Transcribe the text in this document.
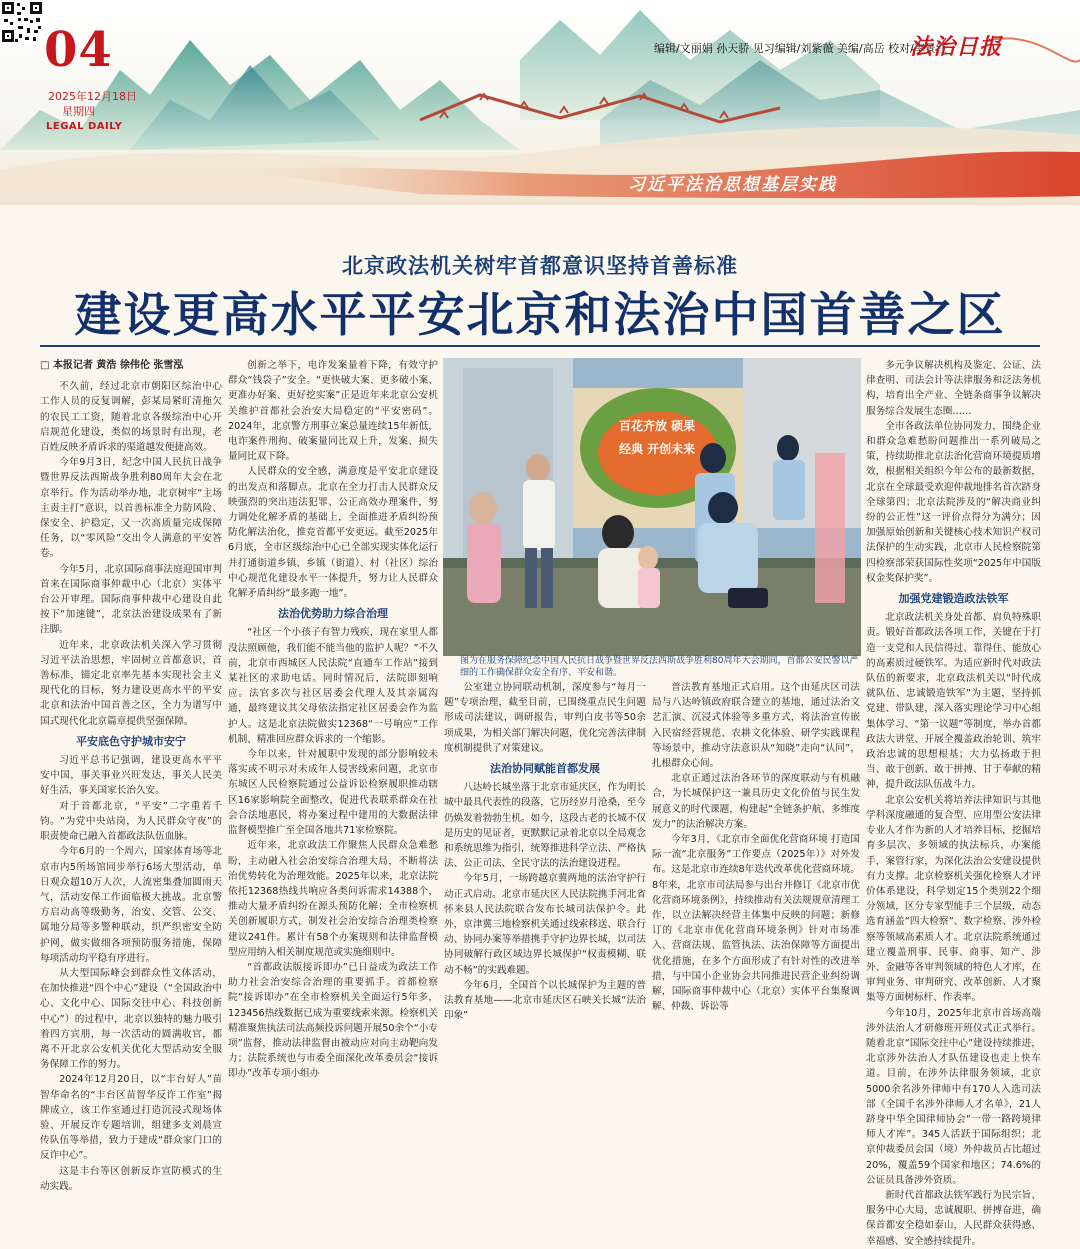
04
2025年12月18日
星期四
LEGAL DAILY
编辑/文丽娟 孙天骄 见习编辑/刘紫薇 美编/高岳 校对/李景红
法治日报
习近平法治思想基层实践
北京政法机关树牢首都意识坚持首善标准
建设更高水平平安北京和法治中国首善之区

□ 本报记者 黄浩 徐伟伦 张雪泓

不久前，经过北京市朝阳区综治中心工作人员的反复调解，彭某局紧盯清拖欠的农民工工资，随着北京各级综治中心开启规范化建设，类似的场景时有出现，老百姓反映矛盾诉求的渠道越发便捷高效。

今年9月3日，纪念中国人民抗日战争暨世界反法西斯战争胜利80周年大会在北京举行。作为活动举办地，北京树牢“主场主责主打”意识，以首善标准全力防风险、保安全、护稳定，又一次高质量完成保障任务，以“零风险”交出令人满意的平安答卷。

今年5月，北京国际商事法庭迎国审判首来在国际商事仲裁中心（北京）实体平台公开审理。国际商事仲裁中心建设自此按下“加速键”，北京法治建设成果有了新注脚。

近年来，北京政法机关深入学习贯彻习近平法治思想，牢固树立首都意识，首善标准，锚定北京率先基本实现社会主义现代化的目标，努力建设更高水平的平安北京和法治中国首善之区，全力为谱写中国式现代化北京篇章提供坚强保障。

平安底色守护城市安宁

习近平总书记强调，建设更高水平平安中国，事关事业兴旺发达，事关人民美好生活，事关国家长治久安。

对于首都北京，“平安”二字重若千钧。“为党中央站岗，为人民群众守夜”的职责使命已融入首都政法队伍血脉。

今年6月的一个周六，国家体育场等北京市内5所场馆同步举行6场大型活动，单日观众超10万人次，人流密集叠加圆雨天气，活动安保工作面临极大挑战。北京警方启动高等级勤务，治安、交管、公交、属地分局等多警种联动，织严织密安全防护网，做实做细各项预防服务措施，保障每项活动均平稳有序进行。

从大型国际峰会到群众性文体活动，在加快推进“四个中心”建设（“全国政治中心、文化中心、国际交往中心、科技创新中心”）的过程中，北京以独特的魅力吸引着四方宾朋，每一次活动的圆满收官，都离不开北京公安机关优化大型活动安全服务保障工作的努力。

2024年12月20日，以“丰台好人”苗智华命名的“丰台区苗智华反诈工作室”揭牌成立，该工作室通过打造沉浸式现场体验、开展反诈专题培训，组建多支刘晨宣传队伍等举措，致力于建成“群众家门口的反诈中心”。

这是丰台等区创新反诈宣防模式的生动实践。

创新之举下，电诈发案量着下降，有效守护群众“钱袋子”安全。“更快破大案、更多破小案、更准办好案、更好挖实案”正是近年来北京公安机关维护首都社会治安大局稳定的“平安密码”。2024年，北京警方刑事立案总量连续15年新低，电诈案件刑拘、破案量同比双上升，发案、损失量同比双下降。

人民群众的安全感，满意度是平安北京建设的出发点和落脚点。北京在全力打击人民群众反映强烈的突出违法犯罪、公正高效办理案件，努力调处化解矛盾的基础上，全面推进矛盾纠纷预防化解法治化，推竞首都平安更远。截至2025年6月底，全市区级综治中心已全部实现实体化运行并打通街道乡镇、乡镇（街道）、村（社区）综治中心规范化建设水平一体提升，努力让人民群众化解矛盾纠纷“最多跑一地”。

法治优势助力综合治理

“社区一个小孩子有智力残疾，现在家里人都没法照顾他，我们能不能当他的监护人呢？”不久前，北京市西城区人民法院“直通车工作站”接到某社区的求助电话。同时情况后，法院即刻响应。法官多次与社区居委会代理人及其亲属沟通，最终建议其父母依法指定社区居委会作为监护人。这是北京法院做实12368“一号响应”工作机制、精准回应群众诉求的一个缩影。

今年以来，针对履职中发现的部分影响较未落实或不明示对未成年人侵害线索问题，北京市东城区人民检察院通过公益诉讼检察履职推动辖区16家影响院全面整改，促进代表联系群众在社会合法地惠民，将办案过程中建用的大数据法律监督模型推广至全国各地共71家检察院。

近年来，北京政法工作聚焦人民群众急难愁盼，主动融入社会治安综合治理大局，不断将法治优势转化为治理效能。2025年以来，北京法院依托12368热线共响应各类问诉需求14388个，推动大量矛盾纠纷在源头预防化解；全市检察机关创新履职方式，制发社会治安综合治理类检察建议241件。累计有58个办案规则和法律监督模型应用纳入相关制度规范或实施细则中。

“首都政法版接诉即办”已日益成为政法工作助力社会治安综合治理的重要抓手。首都检察院“接诉即办”在全市检察机关全面运行5年多，123456热线数据已成为重要线索来源。检察机关精准聚焦执法司法高频投诉问题开展50余个“小专项”监督，推动法律监督由被动应对向主动靶向发力；法院系统也与市委全面深化改革委员会“接诉即办”改革专项小组办

百花齐放 硕果
经典 开创未来
图为在服务保障纪念中国人民抗日战争暨世界反法西斯战争胜利80周年大会期间，首都公安民警以严细的工作确保群众安全有序、平安和谐。

公室建立协同联动机制，深度参与“每月一题”专项治理，截至目前，已围绕重点民生问题形成司法建议，调研报告，审判白皮书等50余项成果，为相关部门解决问题，优化完善法律制度机制提供了对策建议。

法治协同赋能首都发展

八达岭长城坐落于北京市延庆区，作为明长城中最具代表性的段落，它历经岁月沧桑，至今仍焕发着勃勃生机。如今，这段古老的长城不仅是历史的见证者，更默默记录着北京以全局观念和系统思维为指引，统筹推进科学立法、严格执法、公正司法、全民守法的法治建设进程。

今年5月，一场跨越京冀两地的法治守护行动正式启动。北京市延庆区人民法院携手河北省怀来县人民法院联合发布长城司法保护令。此外，京津冀三地检察机关通过线索移送、联合行动、协同办案等举措携手守护边界长城，以司法协同破解行政区域边界长城保护“权责模糊、联动不畅”的实践难题。

今年6月，全国首个以长城保护为主题的普法教育基地——北京市延庆区石峡关长城“法治印象”

普法教育基地正式启用。这个由延庆区司法局与八达岭镇政府联合建立的基地，通过法治文艺汇演、沉浸式体验等多重方式，将法治宣传嵌入民宿经营规范、农耕文化体验、研学实践课程等场景中，推动守法意识从“知晓”走向“认同”，扎根群众心间。

北京正通过法治各环节的深度联动与有机融合，为长城保护这一兼具历史文化价值与民生发展意义的时代课题，构建起“全链条护航、多维度发力”的法治解决方案。

今年3月，《北京市全面优化营商环境 打造国际一流“北京服务”工作要点（2025年）》对外发布。这是北京市连续8年迭代改革优化营商环境。8年来，北京市司法局参与出台并修订《北京市优化营商环境条例》，持续推动有关法规规章清理工作，以立法解决经营主体集中反映的问题；新修订的《北京市优化营商环境条例》针对市场准入、营商法规、监管执法、法治保障等方面提出优化措施，在多个方面形成了有针对性的改进举措，与中国小企业协会共同推进民营企业纠纷调解，国际商事仲裁中心（北京）实体平台集聚调解、仲裁、诉讼等

多元争议解决机构及鉴定、公证、法律查明、司法会计等法律服务和泛法务机构，培育出全产业、全链条商事争议解决服务综合发展生态圈……

全市各政法单位协同发力，围绕企业和群众急难愁盼问题推出一系列破局之策，持续助推北京法治化营商环境提质增效，根据相关组织今年公布的最新数据，北京在全球最受欢迎仲裁地排名首次跻身全球第四；北京法院涉及的“解决商业纠纷的公正性”这一评价点得分为满分；因加强原始创新和关键核心技术知识产权司法保护的生动实践，北京市人民检察院第四检察部荣获国际性奖项“2025年中国版权金奖保护奖”。

加强党建锻造政法铁军

北京政法机关身处首都、肩负特殊职责。锻好首都政法各项工作，关键在于打造一支党和人民信得过、靠得住、能放心的高素质过硬铁军。为适应新时代对政法队伍的新要求，北京政法机关以“时代成就队伍、忠诚锻造铁军”为主题，坚持抓党建、带队建，深入落实理论学习中心组集体学习、“第一议题”等制度，举办首都政法大讲堂、开展全覆盖政治轮训、筑牢政治忠诚的思想根基；大力弘扬敢于担当、敢于创新、敢于拼搏、甘于奉献的精神，提升政法队伍战斗力。

北京公安机关将培养法律知识与其他学科深度融通的复合型、应用型公安法律专业人才作为新的人才培养目标，挖掘培育多层次、多领域的执法标兵，办案能手，案管行家，为深化法治公安建设提供有力支撑。北京检察机关强化检察人才评价体系建设，科学划定15个类别22个细分领域，区分专家型能手三个层级，动态选育涵盖“四大检察”、数字检察、涉外检察等领域高素质人才。北京法院系统通过建立覆盖刑事、民事、商事、知产、涉外、金融等各审判领域的特色人才库，在审判业务、审判研究、改革创新、人才聚集等方面树标杆、作表率。

今年10月，2025年北京市首场高端涉外法治人才研修班开班仪式正式举行。随着北京“国际交往中心”建设持续推进，北京涉外法治人才队伍建设也走上快车道。目前，在涉外法律服务领域，北京5000余名涉外律师中有170人入选司法部《全国千名涉外律师人才名单》，21人跻身中华全国律师协会“一带一路跨境律师人才库”。345人活跃于国际组织；北京仲裁委员会国（境）外仲裁员占比超过20%，覆盖59个国家和地区；74.6%的公证员具备涉外资质。

新时代首都政法铁军践行为民宗旨、服务中心大局，忠诚履职、拼搏奋进，确保首都安全稳如泰山，人民群众获得感、幸福感、安全感持续提升。
